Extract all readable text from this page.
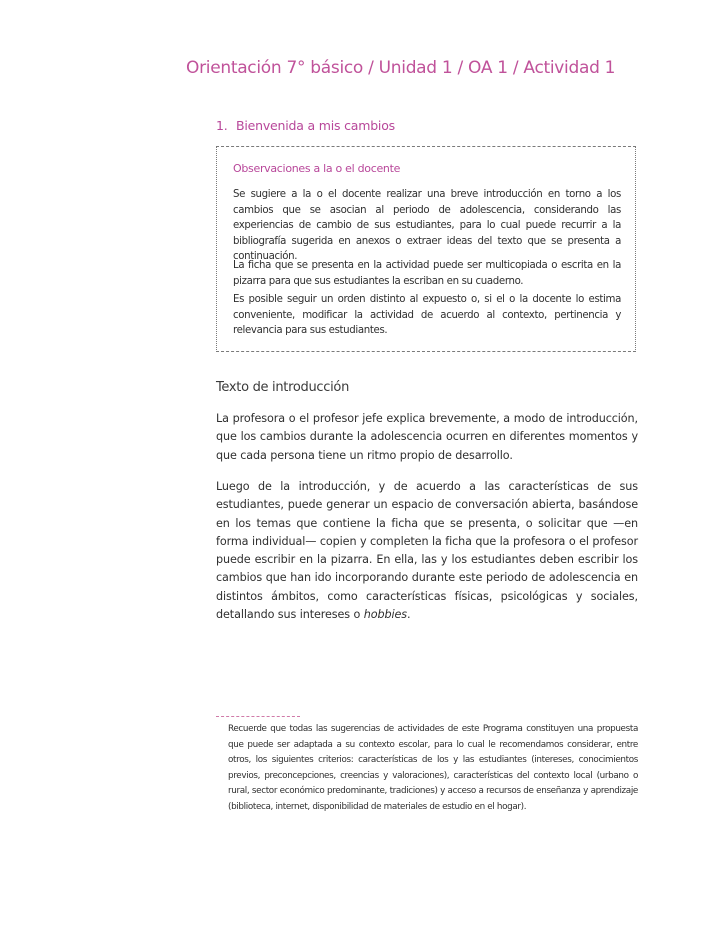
Orientación 7° básico / Unidad 1 / OA 1 / Actividad 1
1. Bienvenida a mis cambios
Observaciones a la o el docente
Se sugiere a la o el docente realizar una breve introducción en torno a los cambios que se asocian al periodo de adolescencia, considerando las experiencias de cambio de sus estudiantes, para lo cual puede recurrir a la bibliografía sugerida en anexos o extraer ideas del texto que se presenta a continuación.
La ficha que se presenta en la actividad puede ser multicopiada o escrita en la pizarra para que sus estudiantes la escriban en su cuaderno.
Es posible seguir un orden distinto al expuesto o, si el o la docente lo estima conveniente, modificar la actividad de acuerdo al contexto, pertinencia y relevancia para sus estudiantes.
Texto de introducción
La profesora o el profesor jefe explica brevemente, a modo de introducción, que los cambios durante la adolescencia ocurren en diferentes momentos y que cada persona tiene un ritmo propio de desarrollo.
Luego de la introducción, y de acuerdo a las características de sus estudiantes, puede generar un espacio de conversación abierta, basándose en los temas que contiene la ficha que se presenta, o solicitar que —en forma individual— copien y completen la ficha que la profesora o el profesor puede escribir en la pizarra. En ella, las y los estudiantes deben escribir los cambios que han ido incorporando durante este periodo de adolescencia en distintos ámbitos, como características físicas, psicológicas y sociales, detallando sus intereses o hobbies.
Recuerde que todas las sugerencias de actividades de este Programa constituyen una propuesta que puede ser adaptada a su contexto escolar, para lo cual le recomendamos considerar, entre otros, los siguientes criterios: características de los y las estudiantes (intereses, conocimientos previos, preconcepciones, creencias y valoraciones), características del contexto local (urbano o rural, sector económico predominante, tradiciones) y acceso a recursos de enseñanza y aprendizaje (biblioteca, internet, disponibilidad de materiales de estudio en el hogar).
